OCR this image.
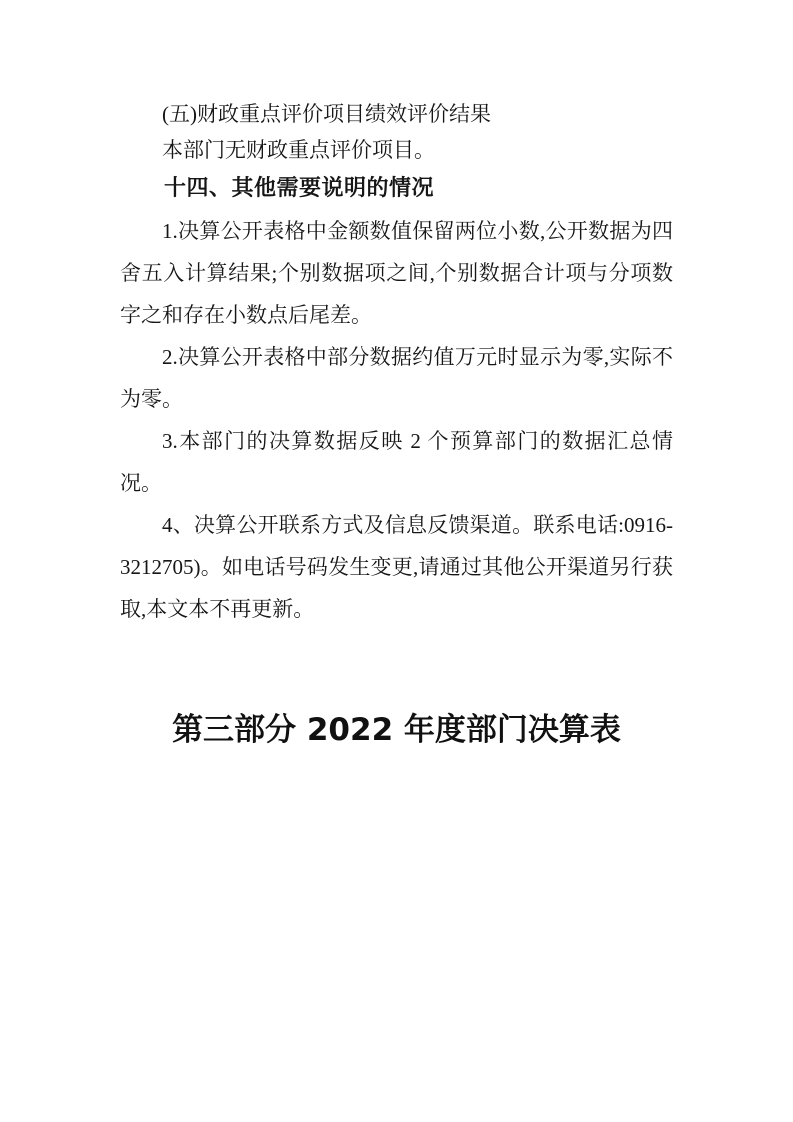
(五)财政重点评价项目绩效评价结果

本部门无财政重点评价项目。

十四、其他需要说明的情况

1.决算公开表格中金额数值保留两位小数,公开数据为四舍五入计算结果;个别数据项之间,个别数据合计项与分项数字之和存在小数点后尾差。

2.决算公开表格中部分数据约值万元时显示为零,实际不为零。

3.本部门的决算数据反映 2 个预算部门的数据汇总情况。

4、决算公开联系方式及信息反馈渠道。联系电话:0916-3212705)。如电话号码发生变更,请通过其他公开渠道另行获取,本文本不再更新。

第三部分 2022 年度部门决算表
